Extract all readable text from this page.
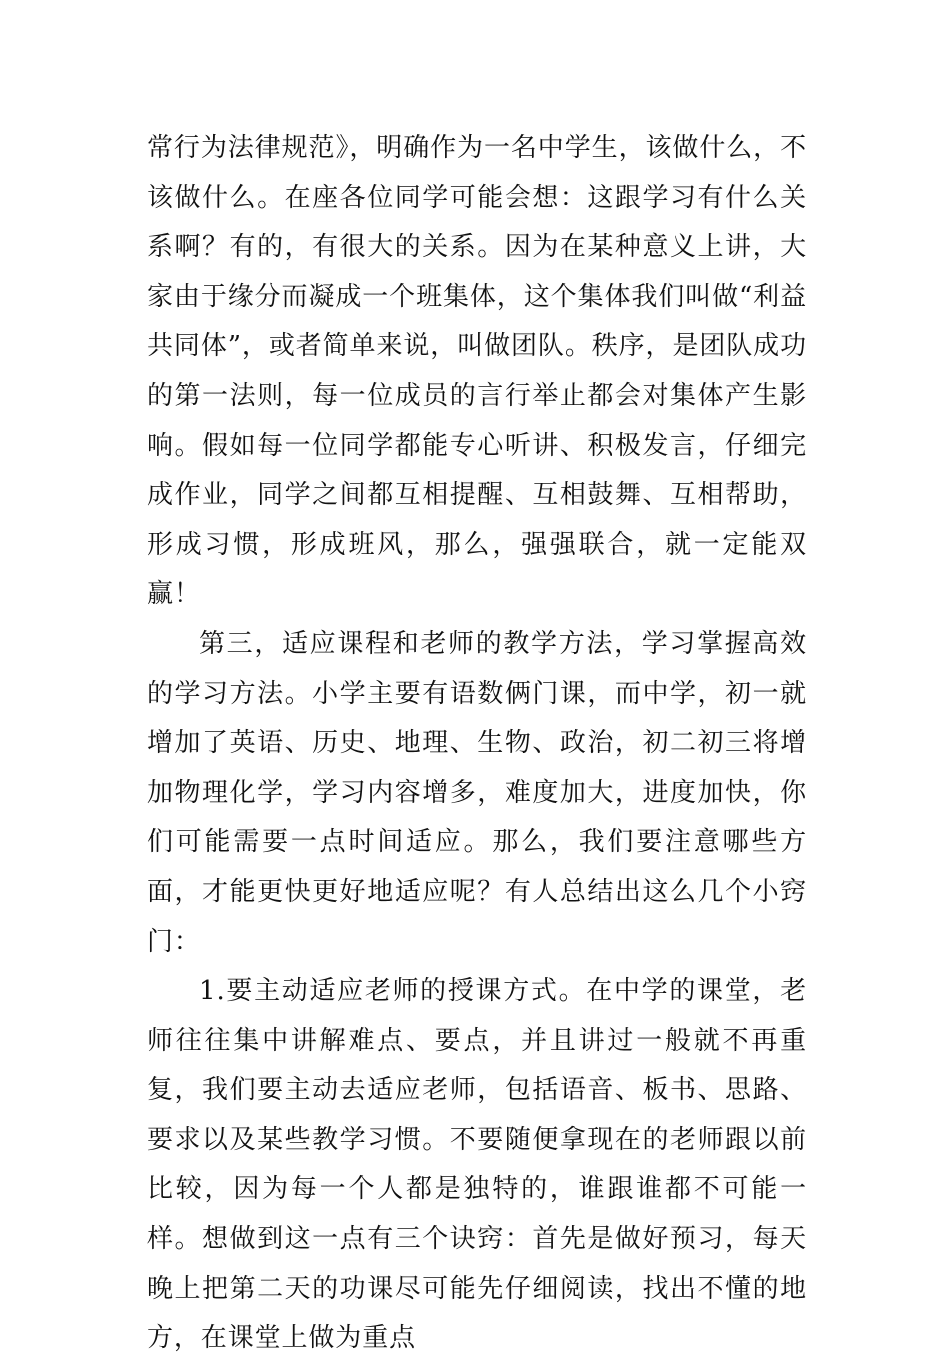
常行为法律规范》，明确作为一名中学生，该做什么，不该做什么。在座各位同学可能会想：这跟学习有什么关系啊？有的，有很大的关系。因为在某种意义上讲，大家由于缘分而凝成一个班集体，这个集体我们叫做“利益共同体”，或者简单来说，叫做团队。秩序，是团队成功的第一法则，每一位成员的言行举止都会对集体产生影响。假如每一位同学都能专心听讲、积极发言，仔细完成作业，同学之间都互相提醒、互相鼓舞、互相帮助，形成习惯，形成班风，那么，强强联合，就一定能双赢！

第三，适应课程和老师的教学方法，学习掌握高效的学习方法。小学主要有语数俩门课，而中学，初一就增加了英语、历史、地理、生物、政治，初二初三将增加物理化学，学习内容增多，难度加大，进度加快，你们可能需要一点时间适应。那么，我们要注意哪些方面，才能更快更好地适应呢？有人总结出这么几个小窍门：

1.要主动适应老师的授课方式。在中学的课堂，老师往往集中讲解难点、要点，并且讲过一般就不再重复，我们要主动去适应老师，包括语音、板书、思路、要求以及某些教学习惯。不要随便拿现在的老师跟以前比较，因为每一个人都是独特的，谁跟谁都不可能一样。想做到这一点有三个诀窍：首先是做好预习，每天晚上把第二天的功课尽可能先仔细阅读，找出不懂的地方，在课堂上做为重点
